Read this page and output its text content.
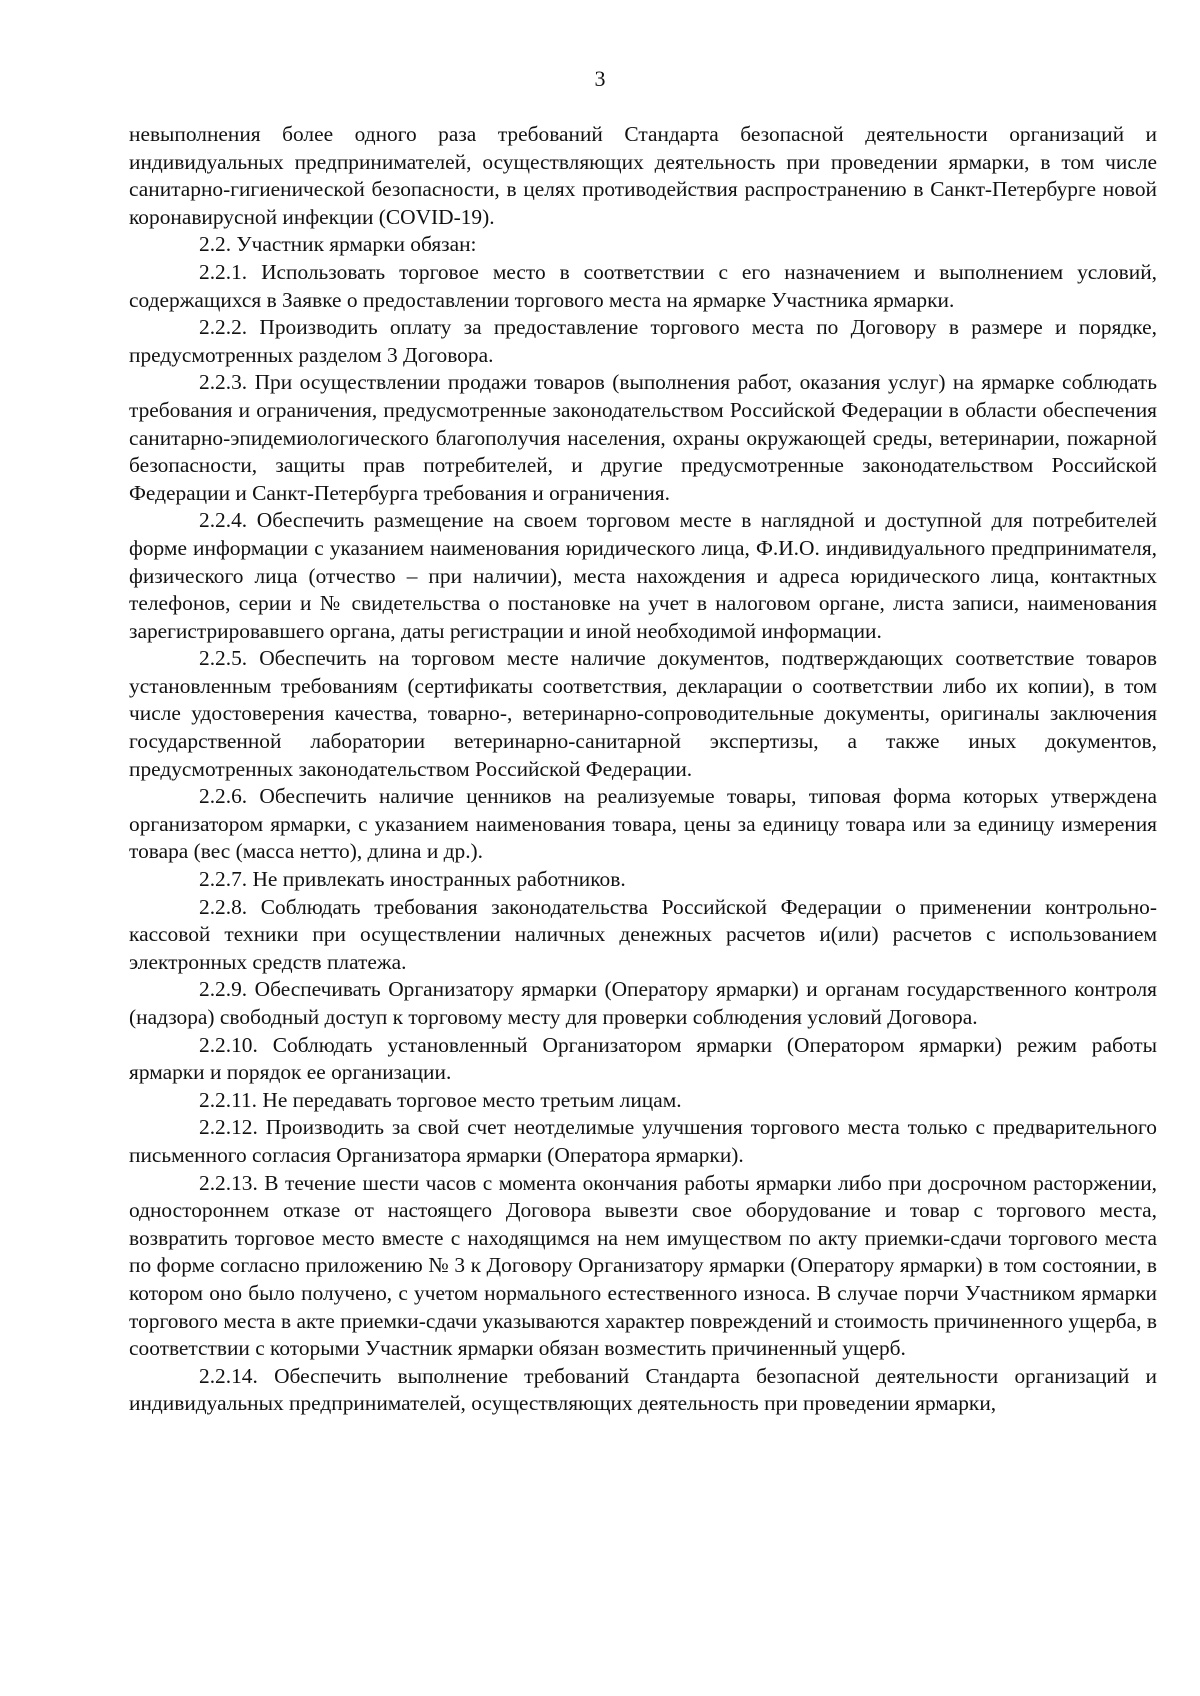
3

невыполнения более одного раза требований Стандарта безопасной деятельности организаций и индивидуальных предпринимателей, осуществляющих деятельность при проведении ярмарки, в том числе санитарно-гигиенической безопасности, в целях противодействия распространению в Санкт-Петербурге новой коронавирусной инфекции (COVID-19).

2.2. Участник ярмарки обязан:

2.2.1. Использовать торговое место в соответствии с его назначением и выполнением условий, содержащихся в Заявке о предоставлении торгового места на ярмарке Участника ярмарки.

2.2.2. Производить оплату за предоставление торгового места по Договору в размере и порядке, предусмотренных разделом 3 Договора.

2.2.3. При осуществлении продажи товаров (выполнения работ, оказания услуг) на ярмарке соблюдать требования и ограничения, предусмотренные законодательством Российской Федерации в области обеспечения санитарно-эпидемиологического благополучия населения, охраны окружающей среды, ветеринарии, пожарной безопасности, защиты прав потребителей, и другие предусмотренные законодательством Российской Федерации и Санкт-Петербурга требования и ограничения.

2.2.4. Обеспечить размещение на своем торговом месте в наглядной и доступной для потребителей форме информации с указанием наименования юридического лица, Ф.И.О. индивидуального предпринимателя, физического лица (отчество – при наличии), места нахождения и адреса юридического лица, контактных телефонов, серии и № свидетельства о постановке на учет в налоговом органе, листа записи, наименования зарегистрировавшего органа, даты регистрации и иной необходимой информации.

2.2.5. Обеспечить на торговом месте наличие документов, подтверждающих соответствие товаров установленным требованиям (сертификаты соответствия, декларации о соответствии либо их копии), в том числе удостоверения качества, товарно-, ветеринарно-сопроводительные документы, оригиналы заключения государственной лаборатории ветеринарно-санитарной экспертизы, а также иных документов, предусмотренных законодательством Российской Федерации.

2.2.6. Обеспечить наличие ценников на реализуемые товары, типовая форма которых утверждена организатором ярмарки, с указанием наименования товара, цены за единицу товара или за единицу измерения товара (вес (масса нетто), длина и др.).

2.2.7. Не привлекать иностранных работников.

2.2.8. Соблюдать требования законодательства Российской Федерации о применении контрольно-кассовой техники при осуществлении наличных денежных расчетов и(или) расчетов с использованием электронных средств платежа.

2.2.9. Обеспечивать Организатору ярмарки (Оператору ярмарки) и органам государственного контроля (надзора) свободный доступ к торговому месту для проверки соблюдения условий Договора.

2.2.10. Соблюдать установленный Организатором ярмарки (Оператором ярмарки) режим работы ярмарки и порядок ее организации.

2.2.11. Не передавать торговое место третьим лицам.

2.2.12. Производить за свой счет неотделимые улучшения торгового места только с предварительного письменного согласия Организатора ярмарки (Оператора ярмарки).

2.2.13. В течение шести часов с момента окончания работы ярмарки либо при досрочном расторжении, одностороннем отказе от настоящего Договора вывезти свое оборудование и товар с торгового места, возвратить торговое место вместе с находящимся на нем имуществом по акту приемки-сдачи торгового места по форме согласно приложению № 3 к Договору Организатору ярмарки (Оператору ярмарки) в том состоянии, в котором оно было получено, с учетом нормального естественного износа. В случае порчи Участником ярмарки торгового места в акте приемки-сдачи указываются характер повреждений и стоимость причиненного ущерба, в соответствии с которыми Участник ярмарки обязан возместить причиненный ущерб.

2.2.14. Обеспечить выполнение требований Стандарта безопасной деятельности организаций и индивидуальных предпринимателей, осуществляющих деятельность при проведении ярмарки,
